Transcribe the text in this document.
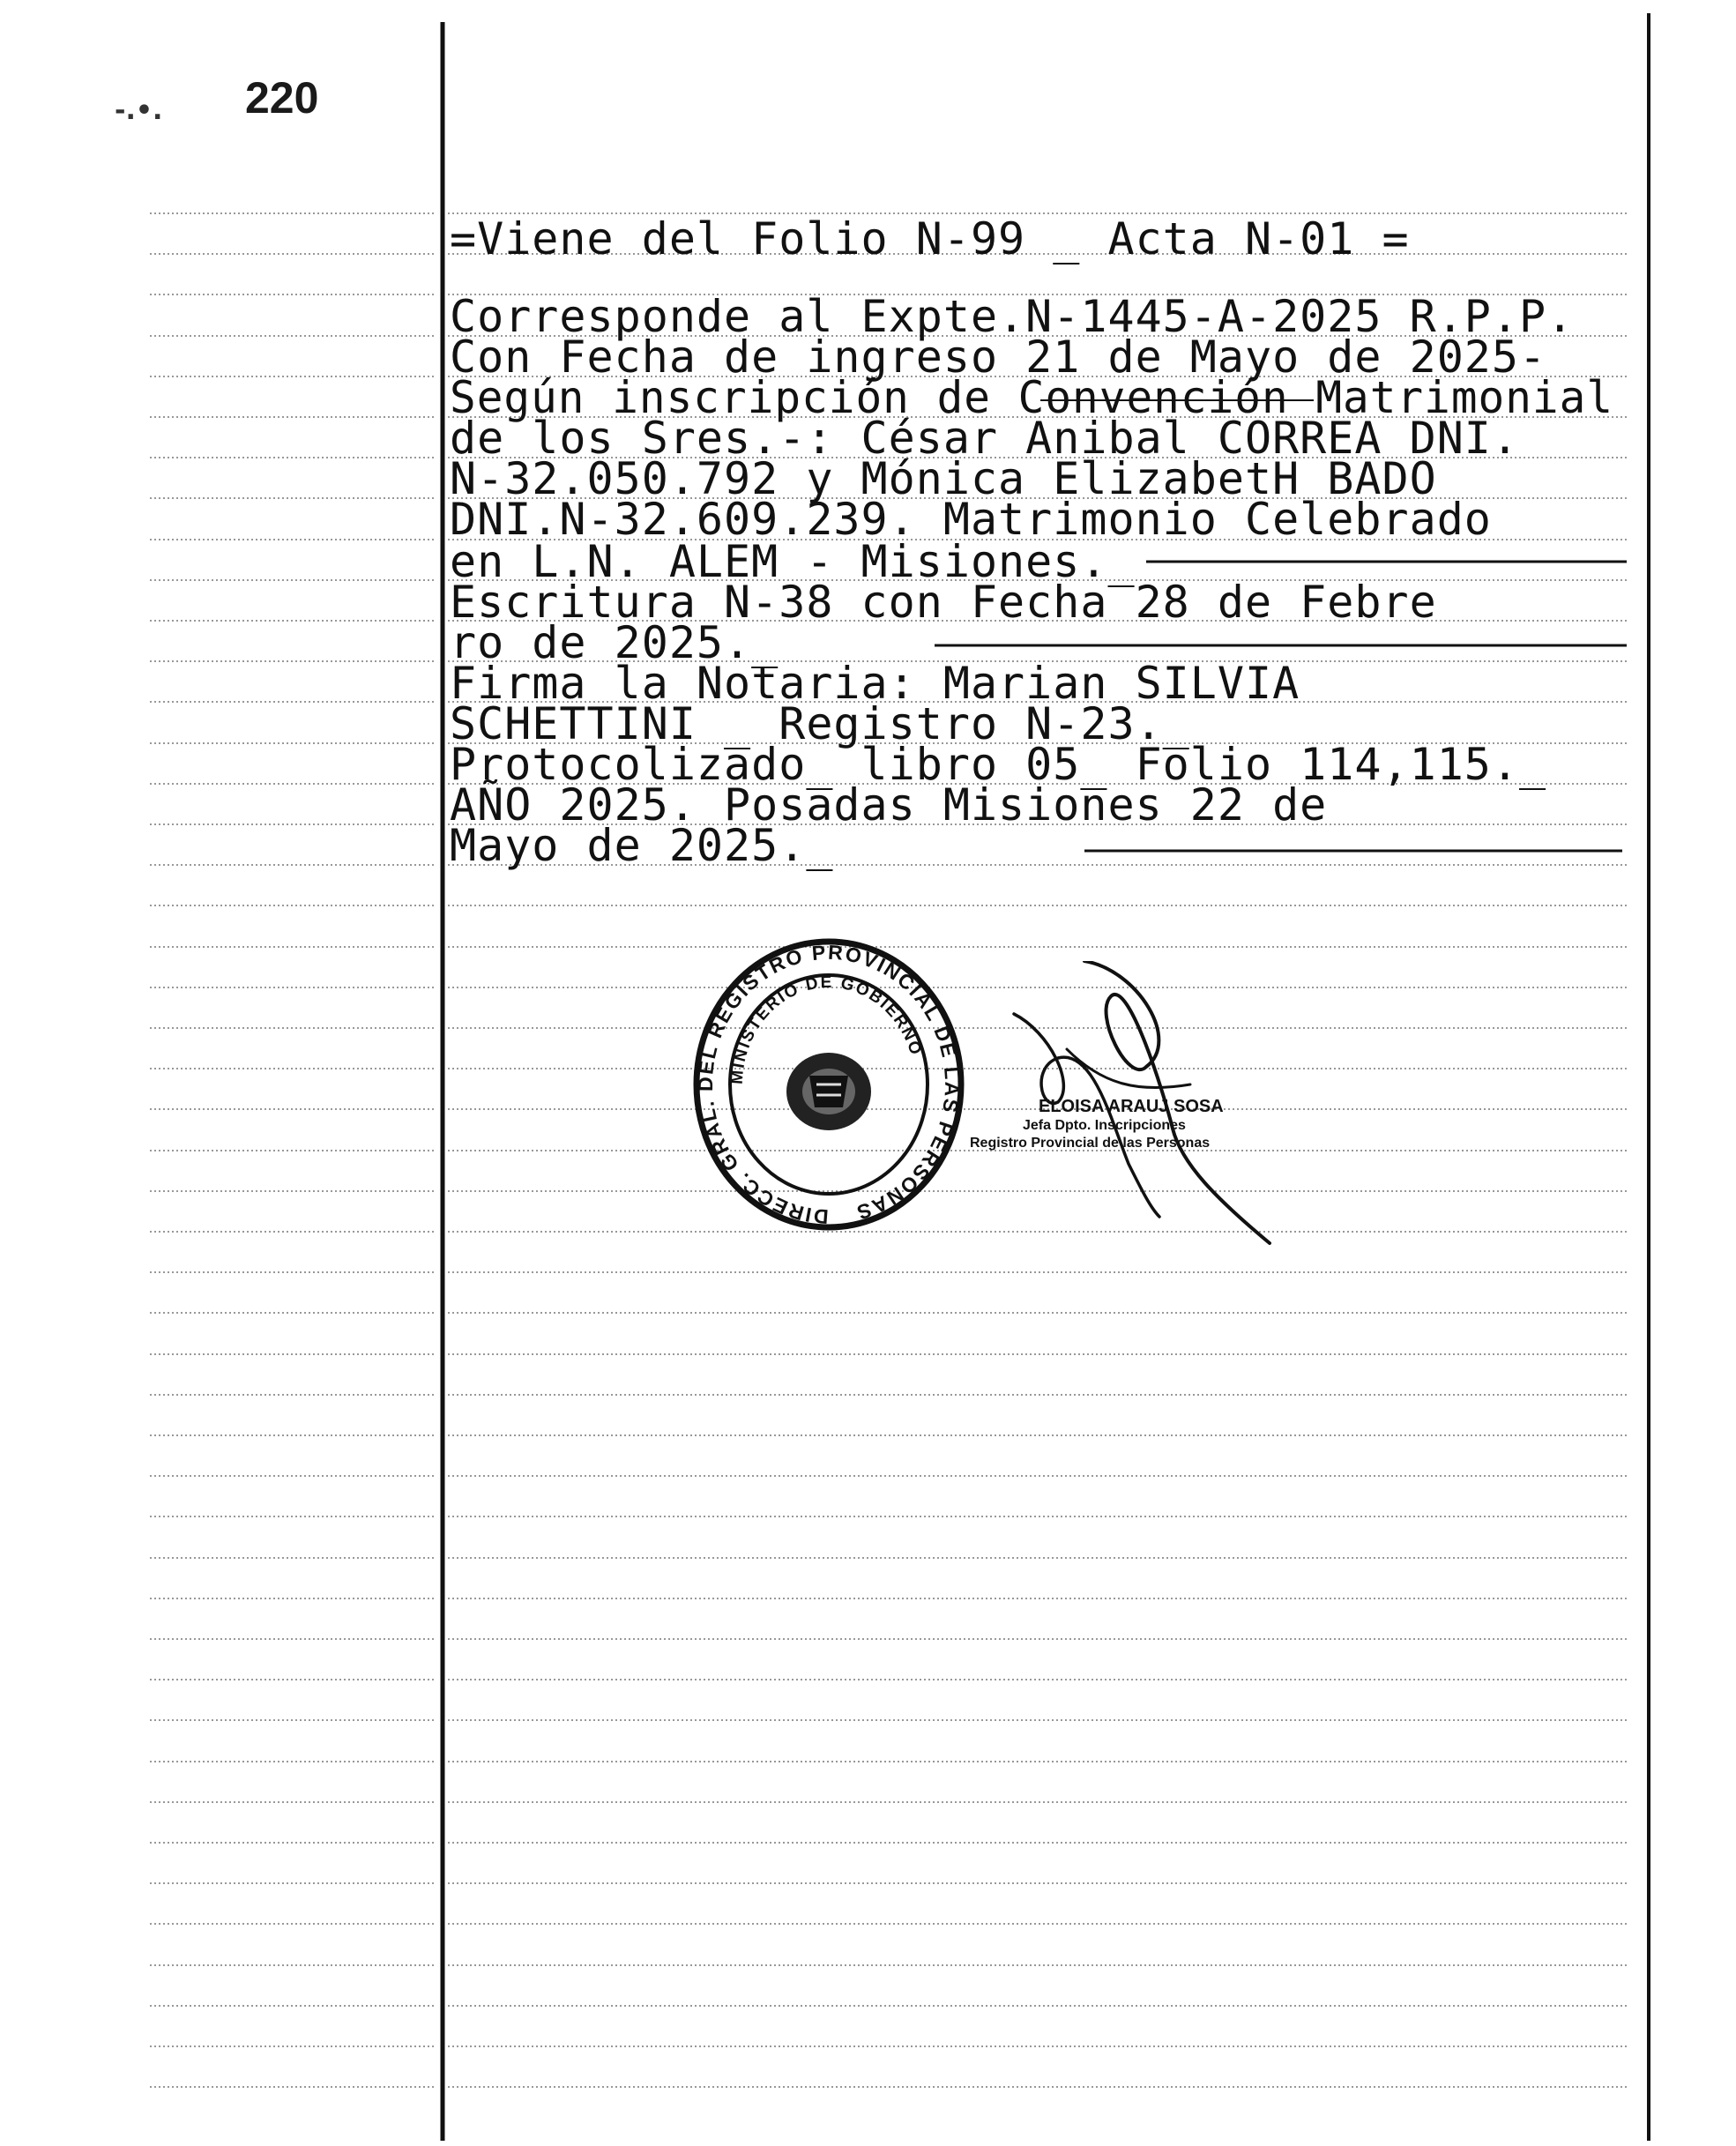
-.•. 220
=Viene del Folio N-99 _ Acta N-01 =
Corresponde al Expte.N-1445-A-2025 R.P.P.
Con Fecha de ingreso 21 de Mayo de 2025-
Según inscripción de Convención Matrimonial
de los Sres.-: César Anibal CORREA DNI.
N-32.050.792 y Mónica ElizabetH BADO
DNI.N-32.609.239. Matrimonio Celebrado
en L.N. ALEM - Misiones._
Escritura N-38 con Fecha 28 de Febre
ro de 2025._
Firma la Notaria: Marian SILVIA
SCHETTINI _ Registro N-23._
Protocolizado_ libro 05_ Folio 114,115._
AÑO 2025. Posadas Misiones 22 de
Mayo de 2025._
DIRECC. GRAL. DEL REGISTRO PROVINCIAL DE LAS PERSONAS
MINISTERIO DE GOBIERNO
ELOISA ARAUJ SOSA
Jefa Dpto. Inscripciones
Registro Provincial de las Personas
